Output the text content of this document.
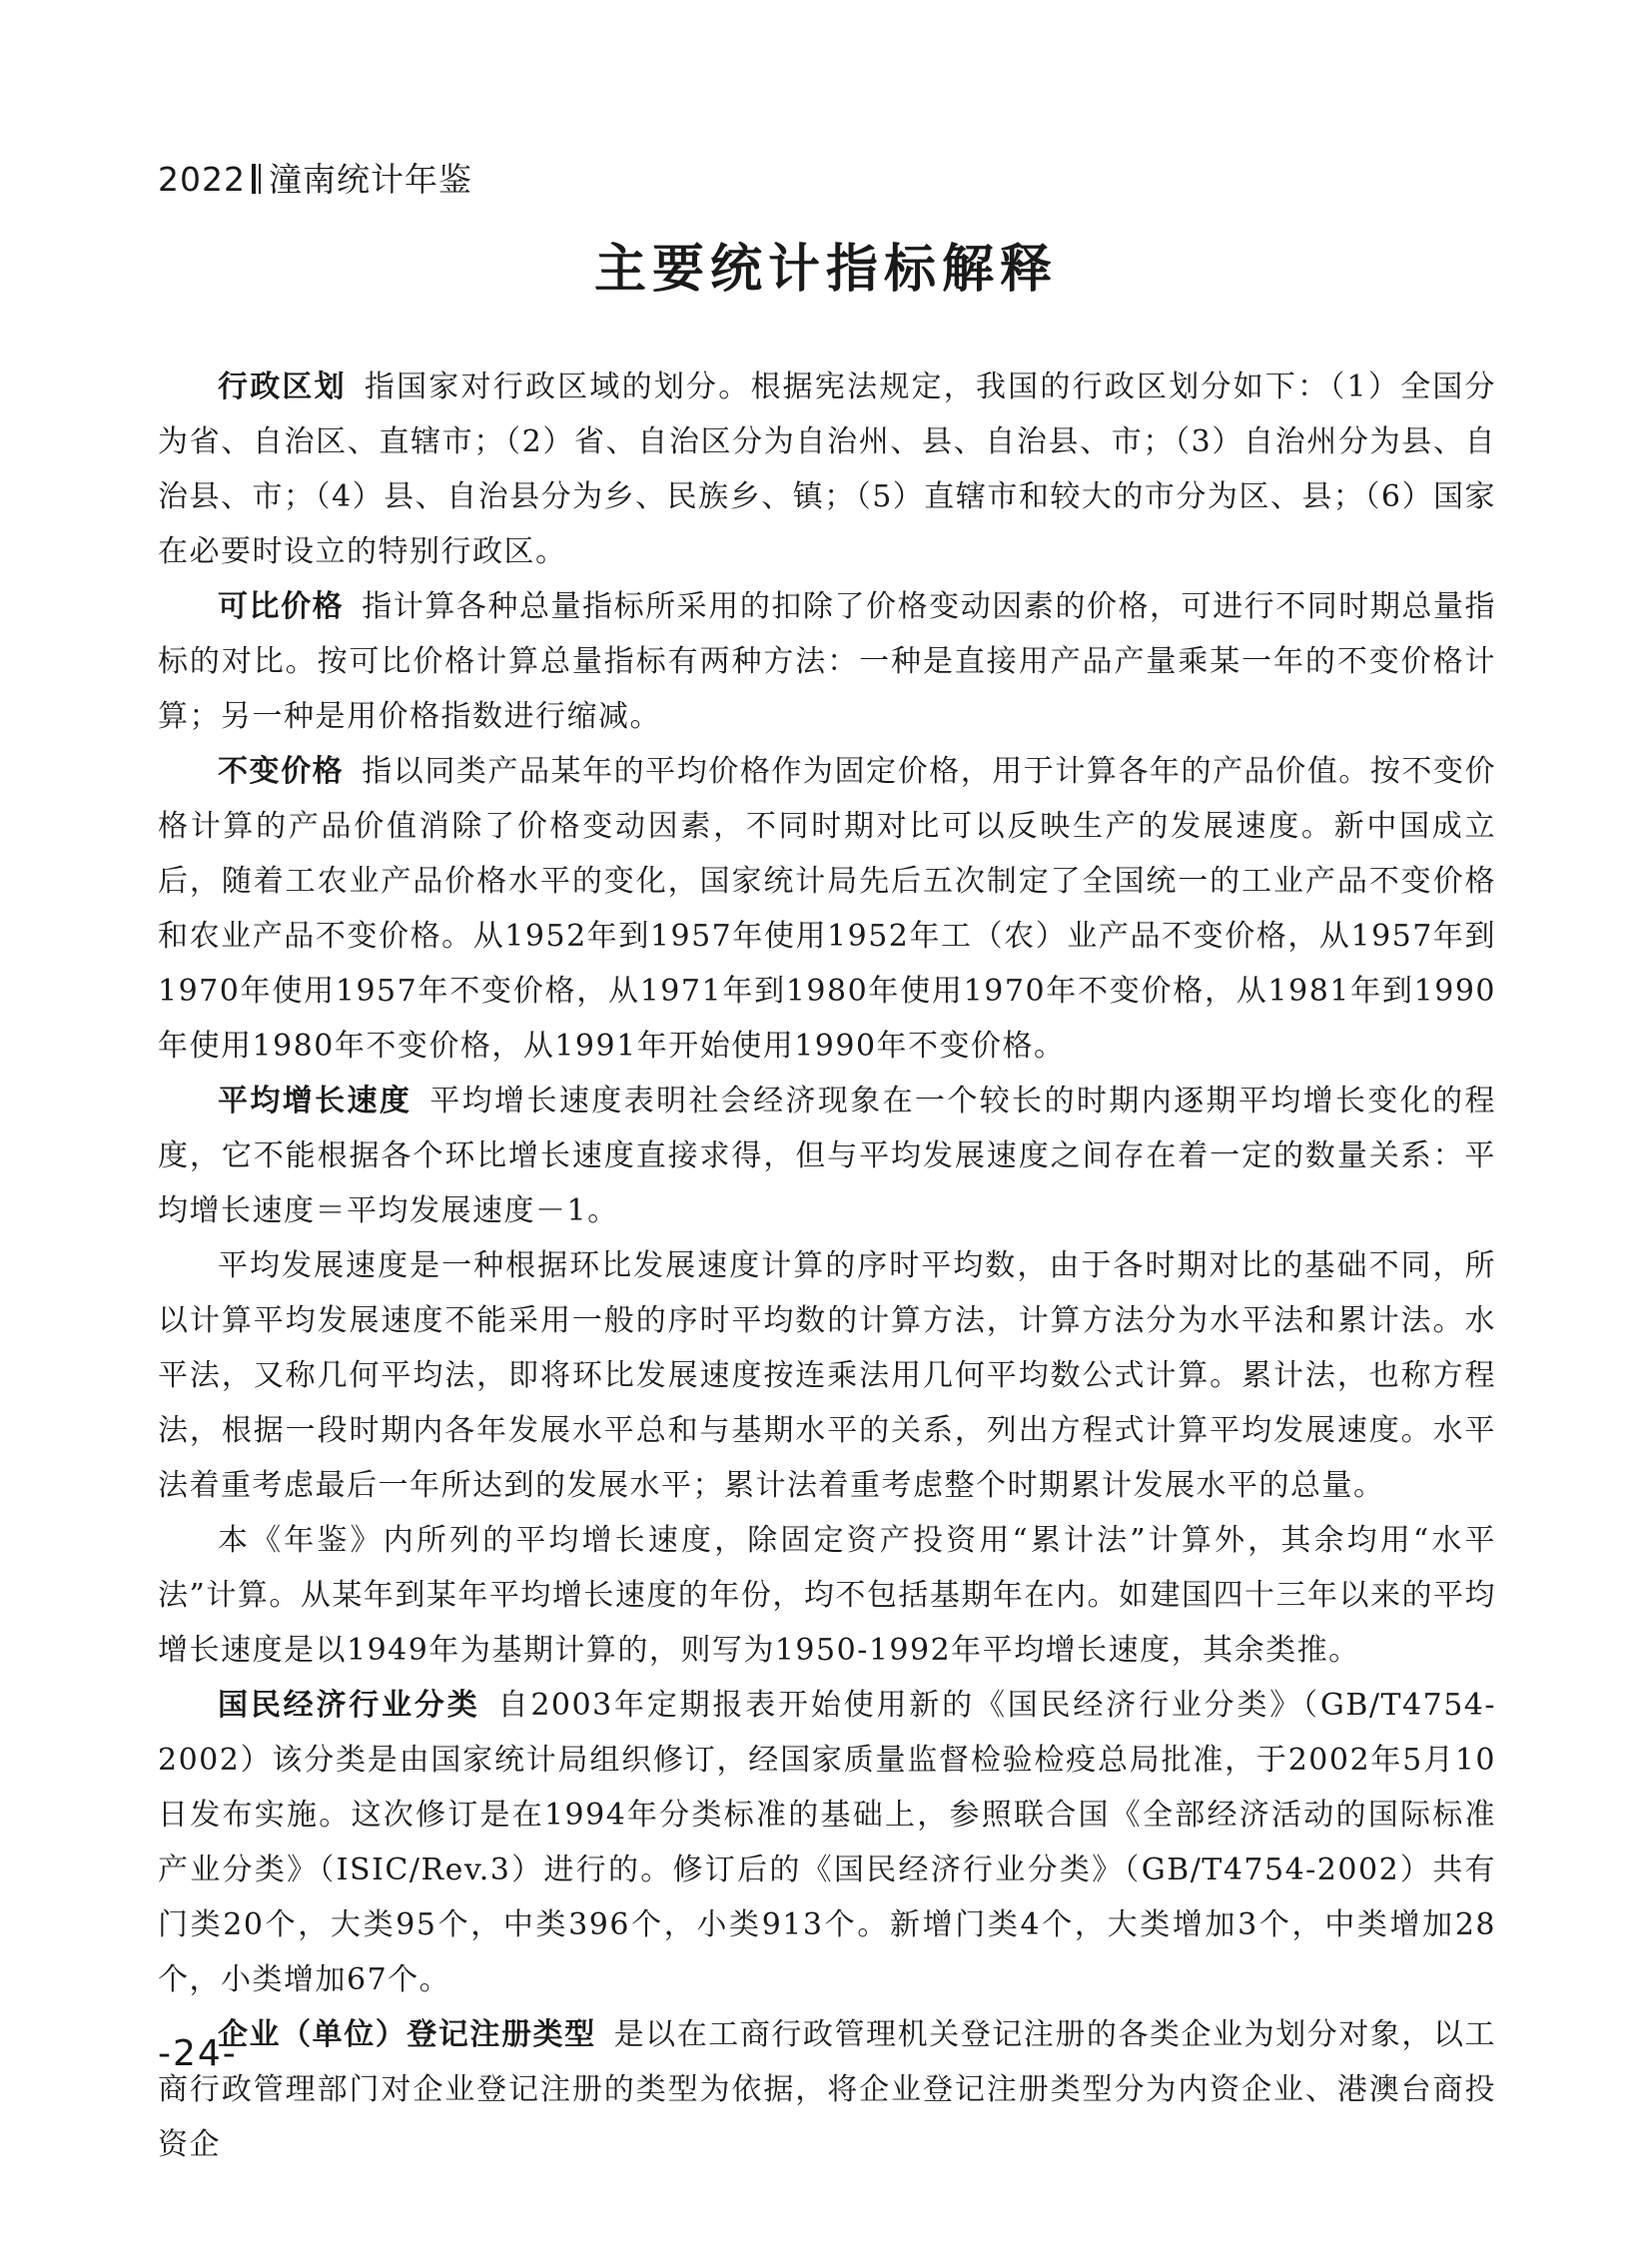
2022 潼南统计年鉴
主要统计指标解释

行政区划 指国家对行政区域的划分。根据宪法规定，我国的行政区划分如下：（1）全国分为省、自治区、直辖市；（2）省、自治区分为自治州、县、自治县、市；（3）自治州分为县、自治县、市；（4）县、自治县分为乡、民族乡、镇；（5）直辖市和较大的市分为区、县；（6）国家在必要时设立的特别行政区。

可比价格 指计算各种总量指标所采用的扣除了价格变动因素的价格，可进行不同时期总量指标的对比。按可比价格计算总量指标有两种方法：一种是直接用产品产量乘某一年的不变价格计算；另一种是用价格指数进行缩减。

不变价格 指以同类产品某年的平均价格作为固定价格，用于计算各年的产品价值。按不变价格计算的产品价值消除了价格变动因素，不同时期对比可以反映生产的发展速度。新中国成立后，随着工农业产品价格水平的变化，国家统计局先后五次制定了全国统一的工业产品不变价格和农业产品不变价格。从1952年到1957年使用1952年工（农）业产品不变价格，从1957年到1970年使用1957年不变价格，从1971年到1980年使用1970年不变价格，从1981年到1990年使用1980年不变价格，从1991年开始使用1990年不变价格。

平均增长速度 平均增长速度表明社会经济现象在一个较长的时期内逐期平均增长变化的程度，它不能根据各个环比增长速度直接求得，但与平均发展速度之间存在着一定的数量关系：平均增长速度＝平均发展速度－1。

平均发展速度是一种根据环比发展速度计算的序时平均数，由于各时期对比的基础不同，所以计算平均发展速度不能采用一般的序时平均数的计算方法，计算方法分为水平法和累计法。水平法，又称几何平均法，即将环比发展速度按连乘法用几何平均数公式计算。累计法，也称方程法，根据一段时期内各年发展水平总和与基期水平的关系，列出方程式计算平均发展速度。水平法着重考虑最后一年所达到的发展水平；累计法着重考虑整个时期累计发展水平的总量。

本《年鉴》内所列的平均增长速度，除固定资产投资用“累计法”计算外，其余均用“水平法”计算。从某年到某年平均增长速度的年份，均不包括基期年在内。如建国四十三年以来的平均增长速度是以1949年为基期计算的，则写为1950-1992年平均增长速度，其余类推。

国民经济行业分类 自2003年定期报表开始使用新的《国民经济行业分类》（GB/T4754-2002）该分类是由国家统计局组织修订，经国家质量监督检验检疫总局批准，于2002年5月10日发布实施。这次修订是在1994年分类标准的基础上，参照联合国《全部经济活动的国际标准产业分类》（ISIC/Rev.3）进行的。修订后的《国民经济行业分类》（GB/T4754-2002）共有门类20个，大类95个，中类396个，小类913个。新增门类4个，大类增加3个，中类增加28个，小类增加67个。

企业（单位）登记注册类型 是以在工商行政管理机关登记注册的各类企业为划分对象，以工商行政管理部门对企业登记注册的类型为依据，将企业登记注册类型分为内资企业、港澳台商投资企

-24-
